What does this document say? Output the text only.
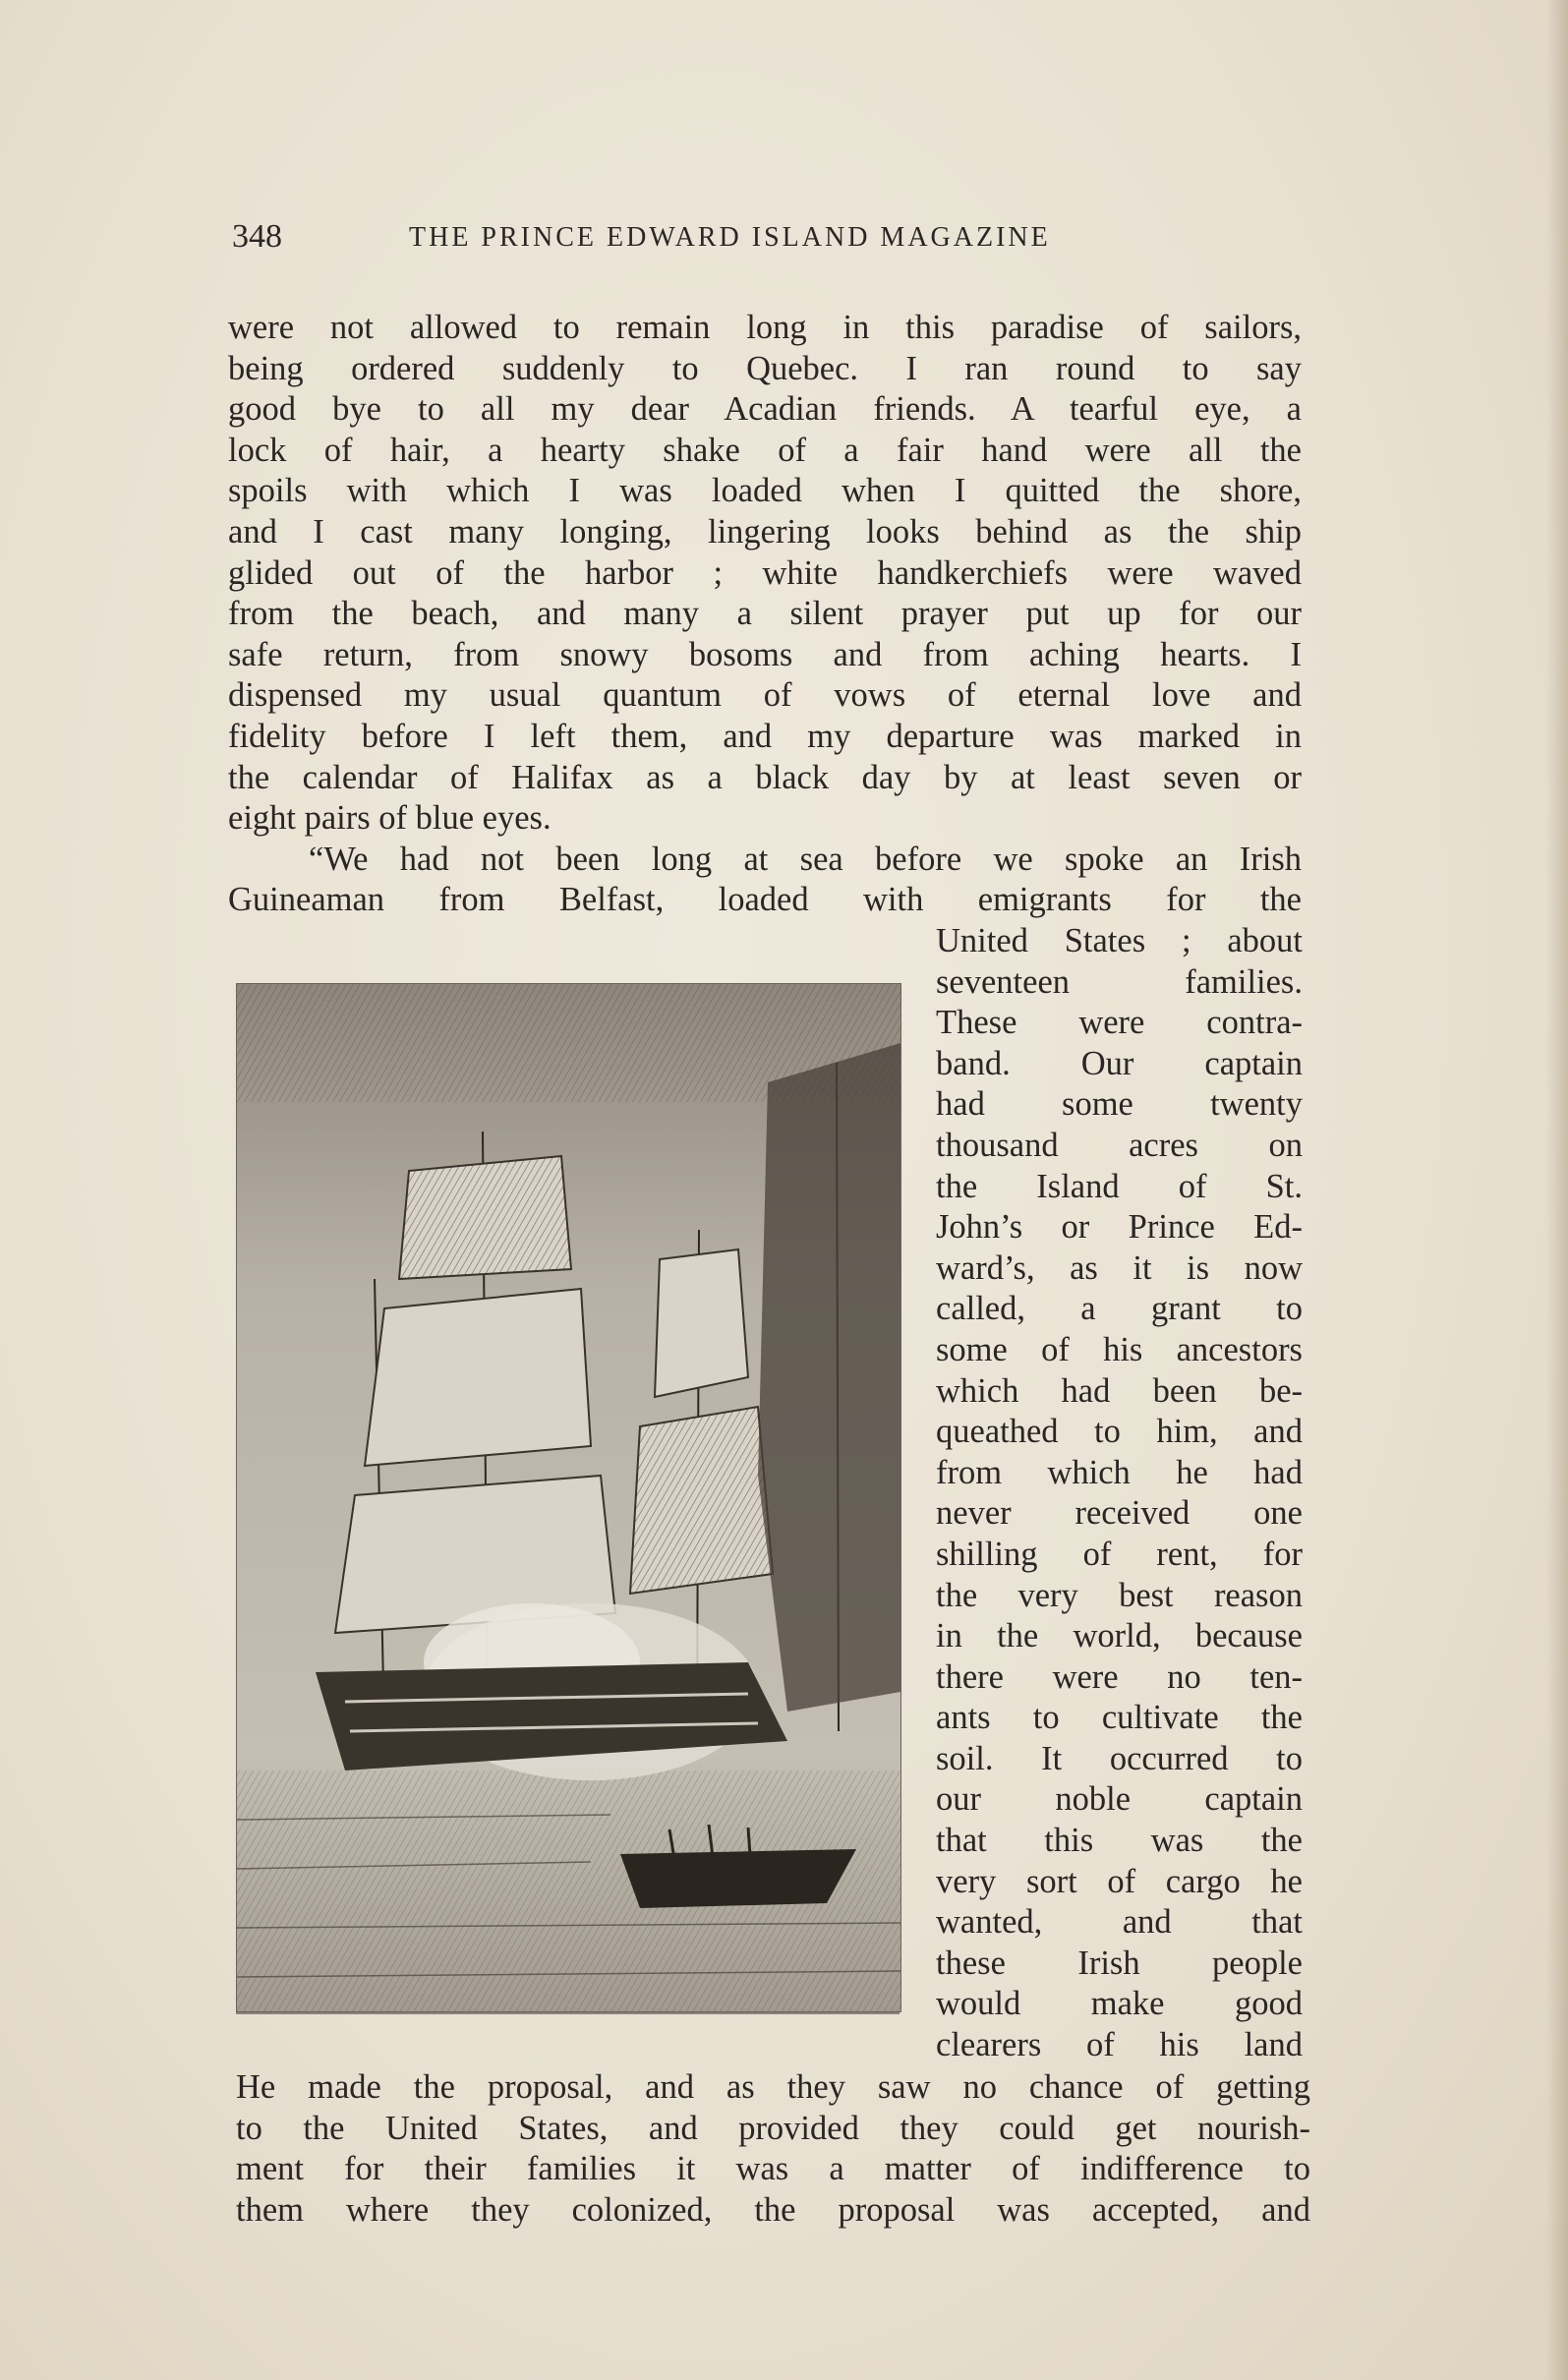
348	THE PRINCE EDWARD ISLAND MAGAZINE
were not allowed to remain long in this paradise of sailors,
being ordered suddenly to Quebec. I ran round to say
good bye to all my dear Acadian friends. A tearful eye, a
lock of hair, a hearty shake of a fair hand were all the
spoils with which I was loaded when I quitted the shore,
and I cast many longing, lingering looks behind as the ship
glided out of the harbor ; white handkerchiefs were waved
from the beach, and many a silent prayer put up for our
safe return, from snowy bosoms and from aching hearts. I
dispensed my usual quantum of vows of eternal love and
fidelity before I left them, and my departure was marked in
the calendar of Halifax as a black day by at least seven or
eight pairs of blue eyes.
“We had not been long at sea before we spoke an Irish
Guineaman from Belfast, loaded with emigrants for the
United States ; about
seventeen families.
These were contra-
band. Our captain
had some twenty
thousand acres on
the Island of St.
John’s or Prince Ed-
ward’s, as it is now
called, a grant to
some of his ancestors
which had been be-
queathed to him, and
from which he had
never received one
shilling of rent, for
the very best reason
in the world, because
there were no ten-
ants to cultivate the
soil. It occurred to
our noble captain
that this was the
very sort of cargo he
wanted, and that
these Irish people
would make good
clearers of his land
He made the proposal, and as they saw no chance of getting
to the United States, and provided they could get nourish-
ment for their families it was a matter of indifference to
them where they colonized, the proposal was accepted, and
